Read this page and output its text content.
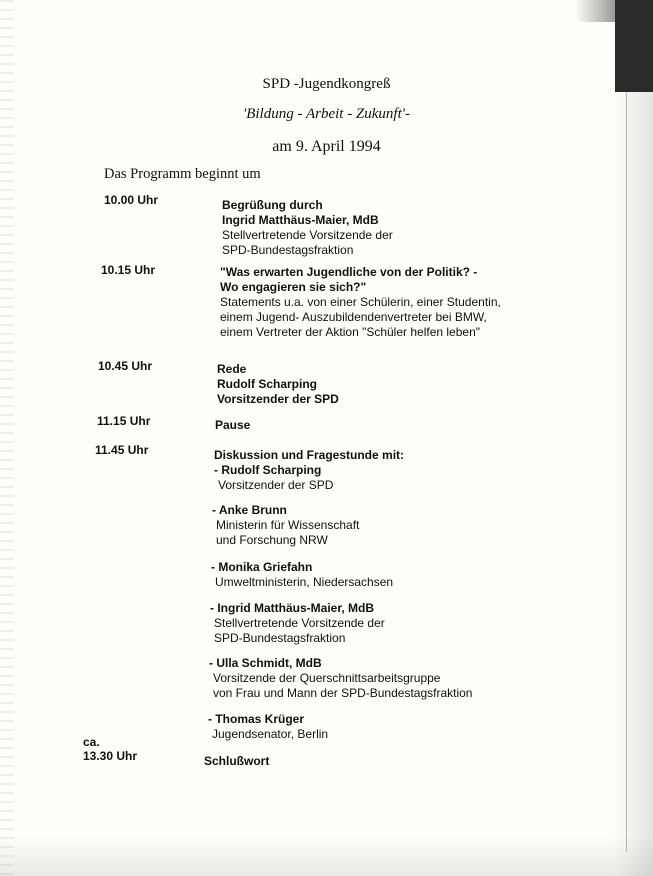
SPD -Jugendkongreß
'Bildung - Arbeit - Zukunft'-
am 9. April 1994
Das Programm beginnt um
10.00 Uhr	Begrüßung durch
Ingrid Matthäus-Maier, MdB
Stellvertretende Vorsitzende der
SPD-Bundestagsfraktion
10.15 Uhr	"Was erwarten Jugendliche von der Politik? -
Wo engagieren sie sich?"
Statements u.a. von einer Schülerin, einer Studentin,
einem Jugend- Auszubildendenvertreter bei BMW,
einem Vertreter der Aktion "Schüler helfen leben"
10.45 Uhr	Rede
Rudolf Scharping
Vorsitzender der SPD
11.15 Uhr	Pause
11.45 Uhr	Diskussion und Fragestunde mit:
- Rudolf Scharping
Vorsitzender der SPD
- Anke Brunn
Ministerin für Wissenschaft
und Forschung NRW
- Monika Griefahn
Umweltministerin, Niedersachsen
- Ingrid Matthäus-Maier, MdB
Stellvertretende Vorsitzende der
SPD-Bundestagsfraktion
- Ulla Schmidt, MdB
Vorsitzende der Querschnittsarbeitsgruppe
von Frau und Mann der SPD-Bundestagsfraktion
- Thomas Krüger
Jugendsenator, Berlin
ca.
13.30 Uhr	Schlußwort
